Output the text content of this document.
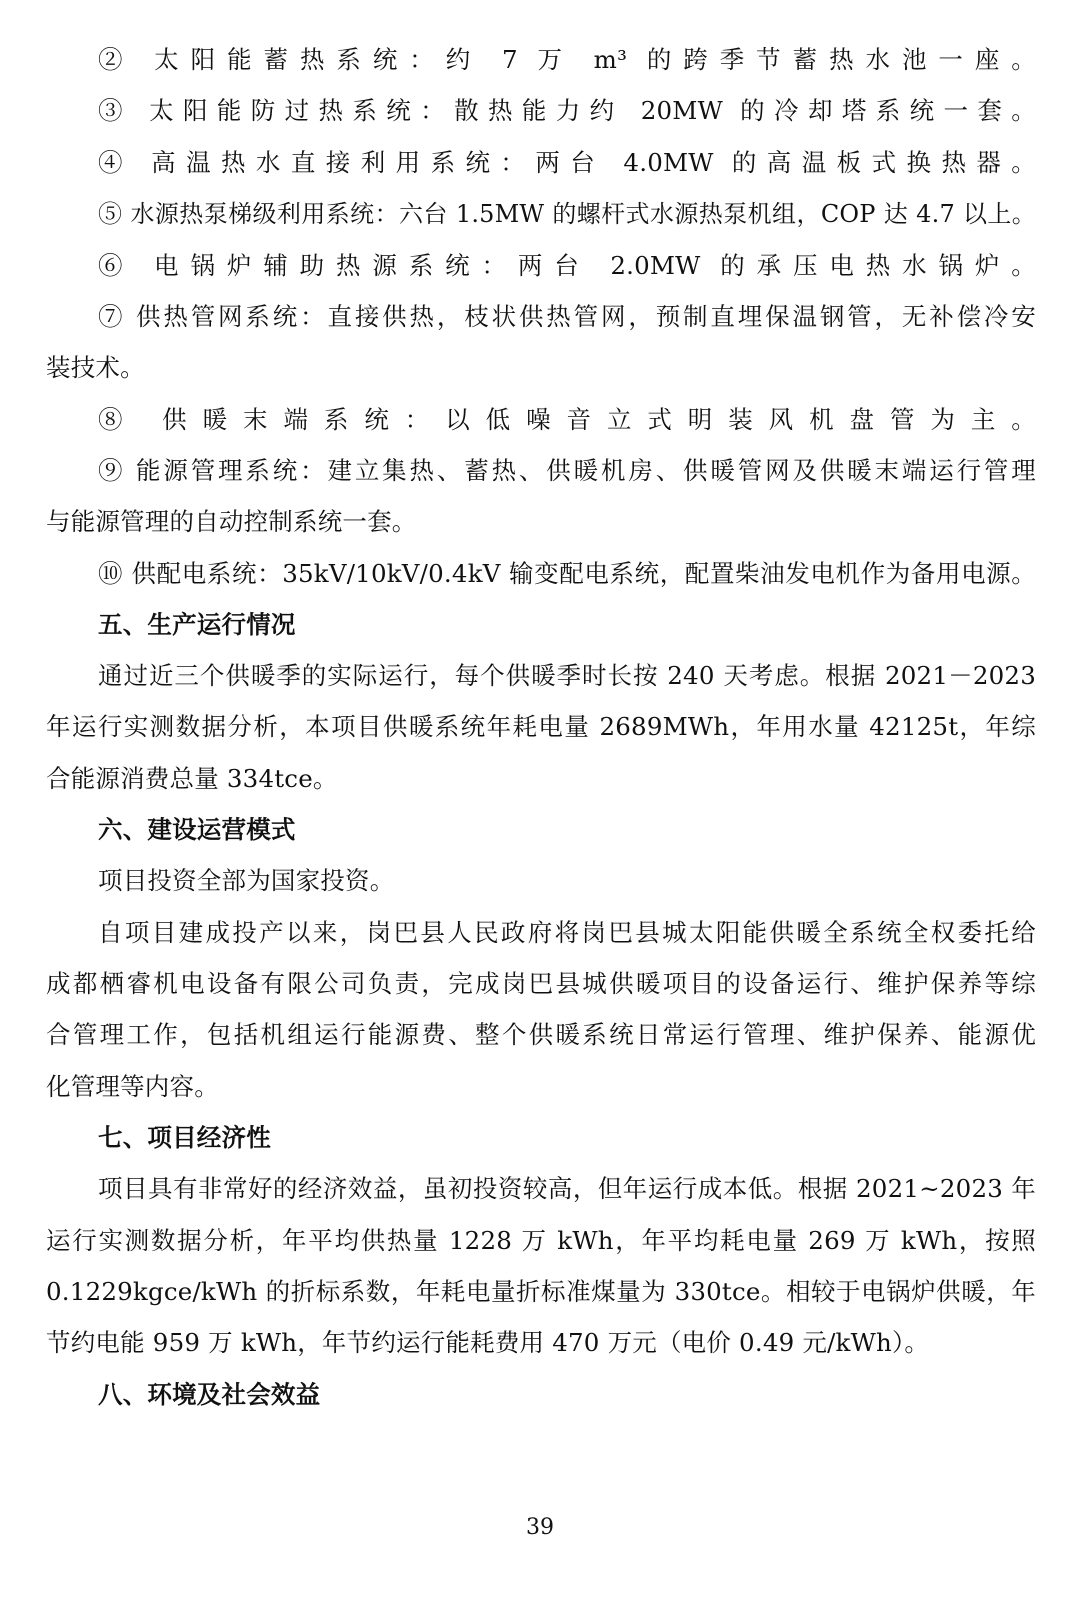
② 太阳能蓄热系统：约 7 万 m³ 的跨季节蓄热水池一座。
③ 太阳能防过热系统：散热能力约 20MW 的冷却塔系统一套。
④ 高温热水直接利用系统：两台 4.0MW 的高温板式换热器。
⑤ 水源热泵梯级利用系统：六台 1.5MW 的螺杆式水源热泵机组，COP 达 4.7 以上。
⑥ 电锅炉辅助热源系统：两台 2.0MW 的承压电热水锅炉。
⑦ 供热管网系统：直接供热，枝状供热管网，预制直埋保温钢管，无补偿冷安
装技术。
⑧ 供暖末端系统：以低噪音立式明装风机盘管为主。
⑨ 能源管理系统：建立集热、蓄热、供暖机房、供暖管网及供暖末端运行管理
与能源管理的自动控制系统一套。
⑩ 供配电系统：35kV/10kV/0.4kV 输变配电系统，配置柴油发电机作为备用电源。
五、生产运行情况
通过近三个供暖季的实际运行，每个供暖季时长按 240 天考虑。根据 2021－2023
年运行实测数据分析，本项目供暖系统年耗电量 2689MWh，年用水量 42125t，年综
合能源消费总量 334tce。
六、建设运营模式
项目投资全部为国家投资。
自项目建成投产以来，岗巴县人民政府将岗巴县城太阳能供暖全系统全权委托给
成都栖睿机电设备有限公司负责，完成岗巴县城供暖项目的设备运行、维护保养等综
合管理工作，包括机组运行能源费、整个供暖系统日常运行管理、维护保养、能源优
化管理等内容。
七、项目经济性
项目具有非常好的经济效益，虽初投资较高，但年运行成本低。根据 2021~2023 年
运行实测数据分析，年平均供热量 1228 万 kWh，年平均耗电量 269 万 kWh，按照
0.1229kgce/kWh 的折标系数，年耗电量折标准煤量为 330tce。相较于电锅炉供暖，年
节约电能 959 万 kWh，年节约运行能耗费用 470 万元（电价 0.49 元/kWh）。
八、环境及社会效益
39
